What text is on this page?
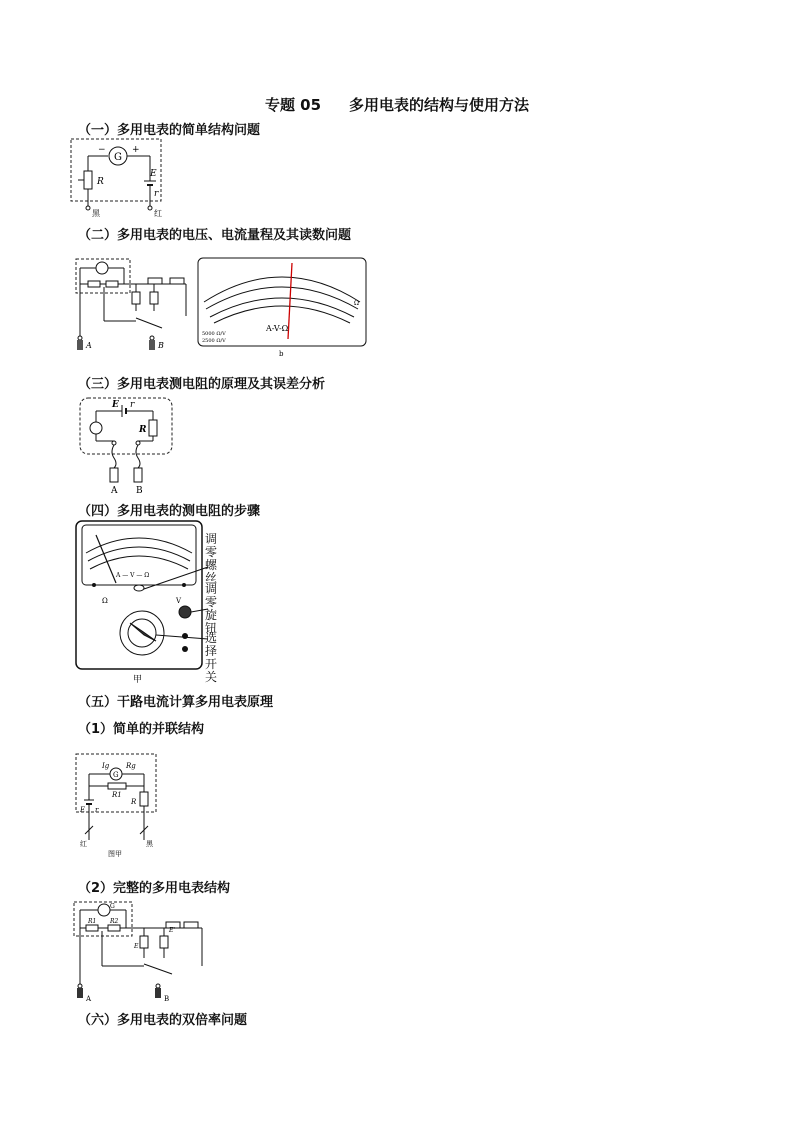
专题 05 多用电表的结构与使用方法
（一）多用电表的简单结构问题
（二）多用电表的电压、电流量程及其读数问题
（三）多用电表测电阻的原理及其误差分析
（四）多用电表的测电阻的步骤
（五）干路电流计算多用电表原理
（1）简单的并联结构
（2）完整的多用电表结构
（六）多用电表的双倍率问题
G
−	+
R
E
r
黑	红
A	B
A-V-Ω
5000 Ω/V
2500 Ω/V
Ω
b
E r
R
A B
A — V — Ω
Ω	V
甲
调零螺丝
调零旋钮
选择开关
G
Ig Rg
R1
E r
R
红	黑
图甲
G
R1 R2
E
E'
A	B
